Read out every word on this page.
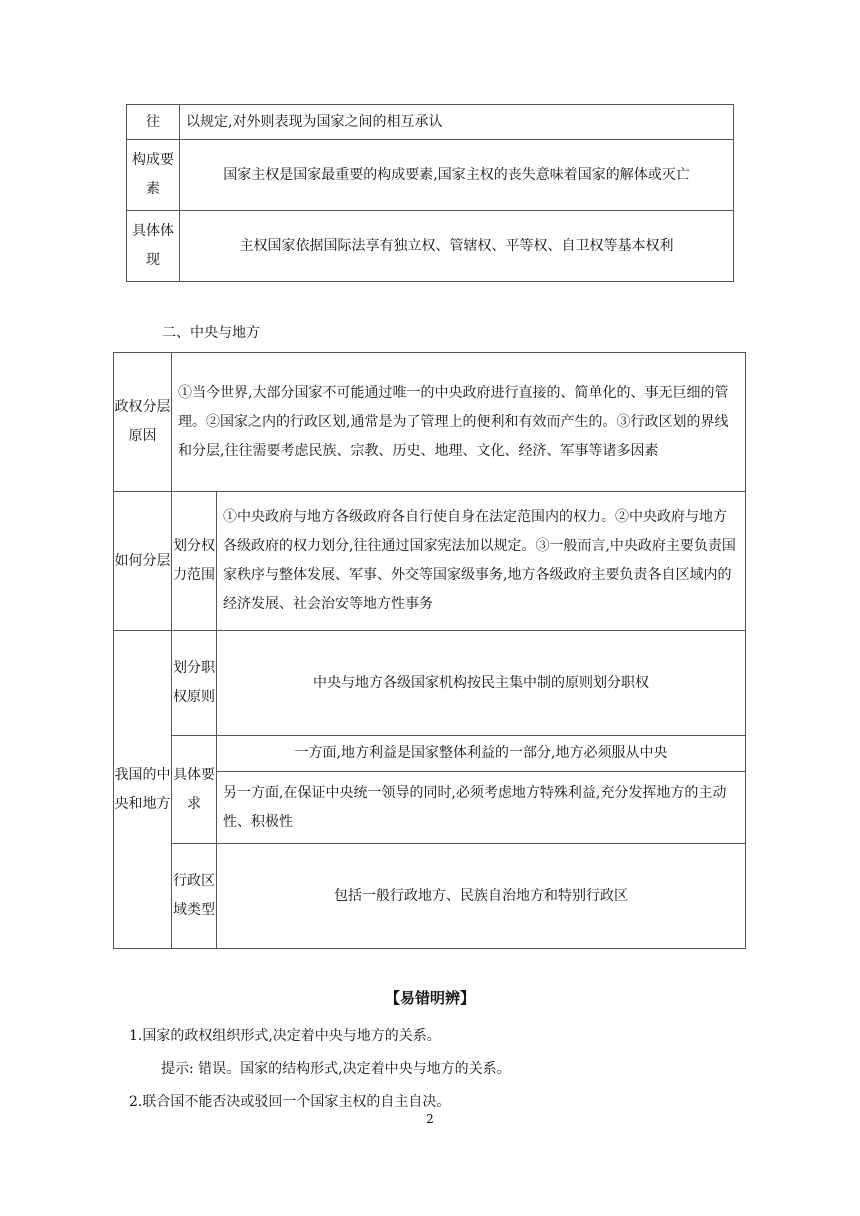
往	以规定,对外则表现为国家之间的相互承认
构成要素	国家主权是国家最重要的构成要素,国家主权的丧失意味着国家的解体或灭亡
具体体现	主权国家依据国际法享有独立权、管辖权、平等权、自卫权等基本权利
二、中央与地方
政权分层原因	①当今世界,大部分国家不可能通过唯一的中央政府进行直接的、简单化的、事无巨细的管理。②国家之内的行政区划,通常是为了管理上的便利和有效而产生的。③行政区划的界线和分层,往往需要考虑民族、宗教、历史、地理、文化、经济、军事等诸多因素	
如何分层	划分权力范围	①中央政府与地方各级政府各自行使自身在法定范围内的权力。②中央政府与地方各级政府的权力划分,往往通过国家宪法加以规定。③一般而言,中央政府主要负责国家秩序与整体发展、军事、外交等国家级事务,地方各级政府主要负责各自区域内的经济发展、社会治安等地方性事务
我国的中央和地方	划分职权原则	中央与地方各级国家机构按民主集中制的原则划分职权
	具体要求	一方面,地方利益是国家整体利益的一部分,地方必须服从中央
		另一方面,在保证中央统一领导的同时,必须考虑地方特殊利益,充分发挥地方的主动性、积极性
	行政区域类型	包括一般行政地方、民族自治地方和特别行政区
【易错明辨】
1.国家的政权组织形式,决定着中央与地方的关系。
提示: 错误。国家的结构形式,决定着中央与地方的关系。
2.联合国不能否决或驳回一个国家主权的自主自决。
2
